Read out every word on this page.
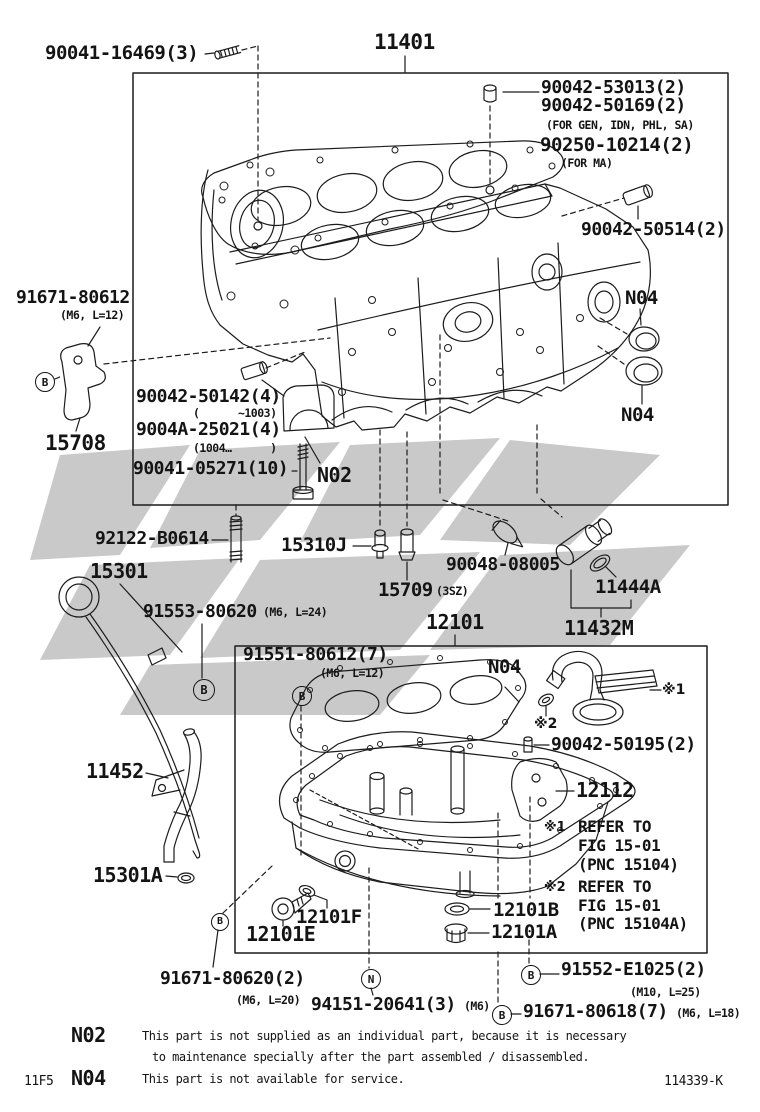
90041-16469(3)	11401
90042-53013(2)
90042-50169(2)
(FOR GEN, IDN, PHL, SA)
90250-10214(2)
(FOR MA)
90042-50514(2)
N04
N04
91671-80612
(M6, L=12)
15708
90042-50142(4)
(      ~1003)
9004A-25021(4)
(1004…      )
90041-05271(10) N02
92122-B0614	15310J
90048-08005
15709 (3SZ)	11444A
11432M
15301
91553-80620 (M6, L=24)	12101
91551-80612(7)
(M6, L=12)	N04
※1
※2
90042-50195(2)
12112
※1 REFER TO
FIG 15-01
(PNC 15104)
※2 REFER TO
FIG 15-01
(PNC 15104A)
11452
15301A
12101F
12101E
12101B
12101A
91552-E1025(2)
(M10, L=25)
91671-80620(2)
(M6, L=20) 94151-20641(3) (M6) 91671-80618(7) (M6, L=18)
N02	This part is not supplied as an individual part, because it is necessary
to maintenance specially after the part assembled / disassembled.
N04	This part is not available for service.
11F5	114339-K
B
B	B
B
B
B
N
